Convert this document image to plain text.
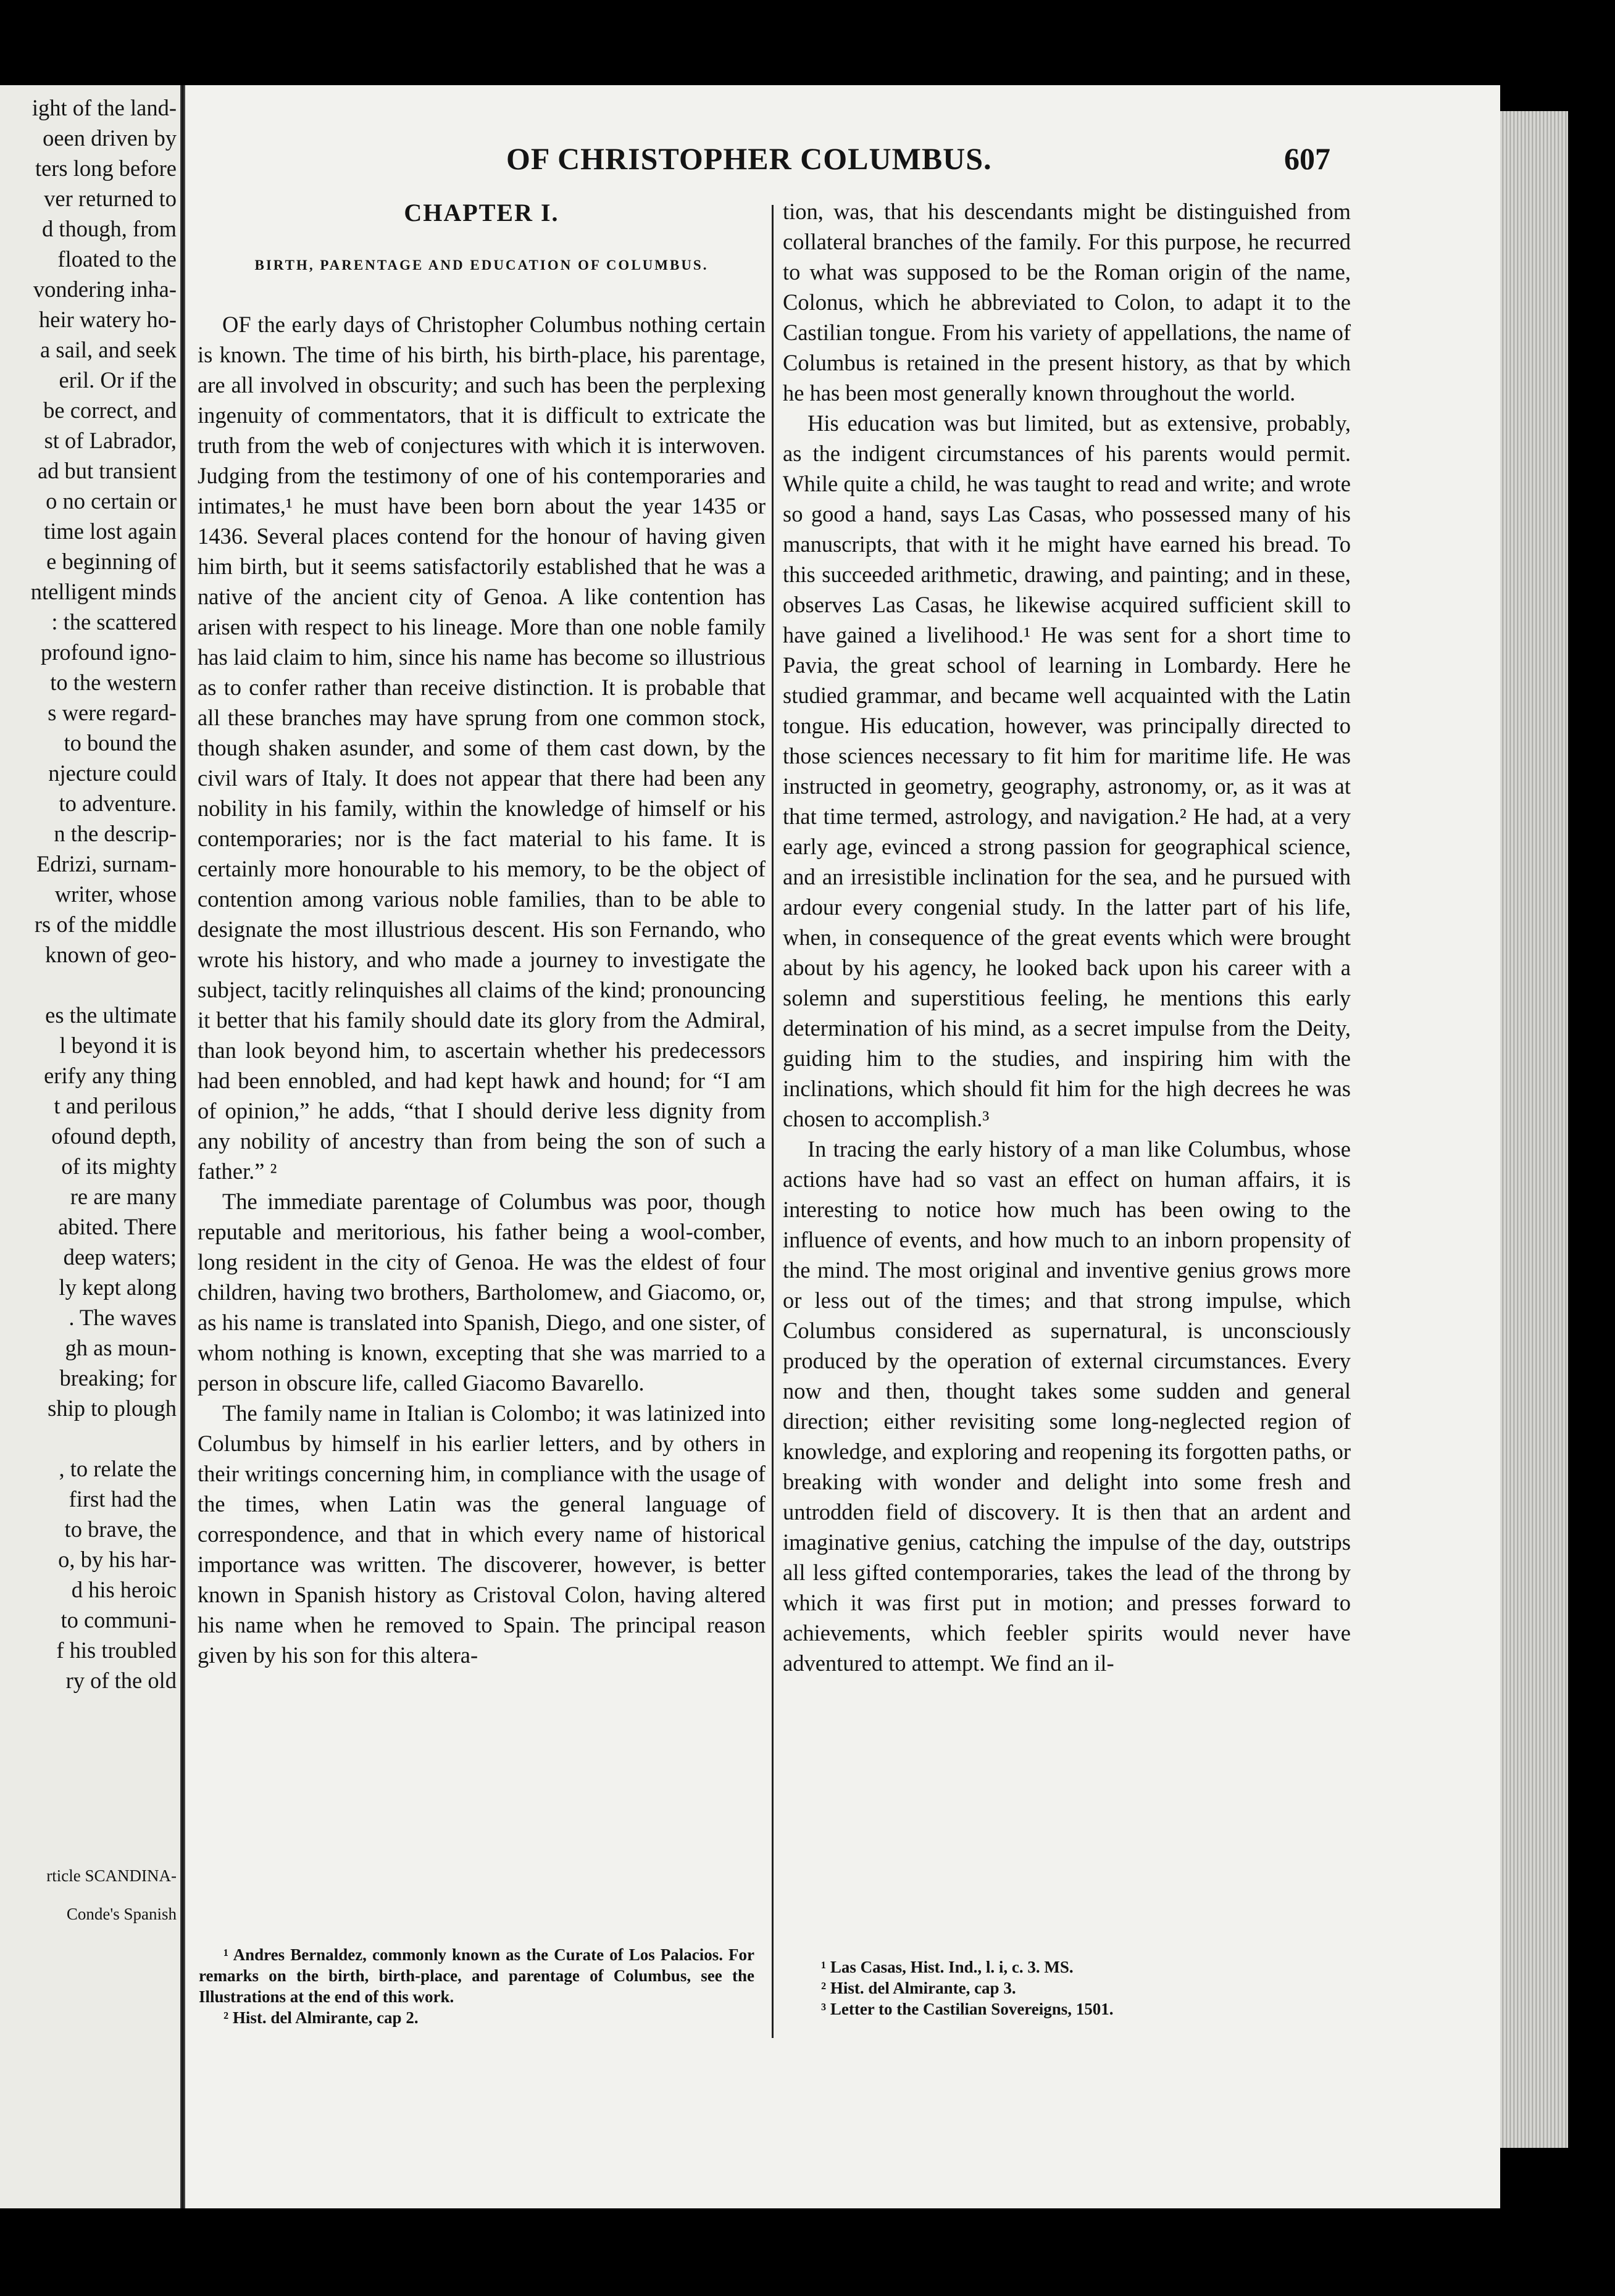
ight of the land-
oeen driven by
ters long before
ver returned to
d though, from
floated to the
vondering inha-
heir watery ho-
a sail, and seek
eril. Or if the
be correct, and
st of Labrador,
ad but transient
o no certain or
time lost again
e beginning of
ntelligent minds
: the scattered
profound igno-
to the western
s were regard-
to bound the
njecture could
to adventure.
n the descrip-
Edrizi, surnam-
writer, whose
rs of the middle
known of geo-
es the ultimate
l beyond it is
erify any thing
t and perilous
ofound depth,
of its mighty
re are many
abited. There
deep waters;
ly kept along
. The waves
gh as moun-
breaking; for
ship to plough
, to relate the
first had the
to brave, the
o, by his har-
d his heroic
to communi-
f his troubled
ry of the old
rticle SCANDINA-
Conde's Spanish
OF CHRISTOPHER COLUMBUS.	607
CHAPTER I.
BIRTH, PARENTAGE AND EDUCATION OF COLUMBUS.

OF the early days of Christopher Columbus nothing certain is known. The time of his birth, his birth-place, his parentage, are all involved in obscurity; and such has been the perplexing ingenuity of commentators, that it is difficult to extricate the truth from the web of conjectures with which it is interwoven. Judging from the testimony of one of his contemporaries and intimates,¹ he must have been born about the year 1435 or 1436. Several places contend for the honour of having given him birth, but it seems satisfactorily established that he was a native of the ancient city of Genoa. A like contention has arisen with respect to his lineage. More than one noble family has laid claim to him, since his name has become so illustrious as to confer rather than receive distinction. It is probable that all these branches may have sprung from one common stock, though shaken asunder, and some of them cast down, by the civil wars of Italy. It does not appear that there had been any nobility in his family, within the knowledge of himself or his contemporaries; nor is the fact material to his fame. It is certainly more honourable to his memory, to be the object of contention among various noble families, than to be able to designate the most illustrious descent. His son Fernando, who wrote his history, and who made a journey to investigate the subject, tacitly relinquishes all claims of the kind; pronouncing it better that his family should date its glory from the Admiral, than look beyond him, to ascertain whether his predecessors had been ennobled, and had kept hawk and hound; for “I am of opinion,” he adds, “that I should derive less dignity from any nobility of ancestry than from being the son of such a father.” ²

The immediate parentage of Columbus was poor, though reputable and meritorious, his father being a wool-comber, long resident in the city of Genoa. He was the eldest of four children, having two brothers, Bartholomew, and Giacomo, or, as his name is translated into Spanish, Diego, and one sister, of whom nothing is known, excepting that she was married to a person in obscure life, called Giacomo Bavarello.

The family name in Italian is Colombo; it was latinized into Columbus by himself in his earlier letters, and by others in their writings concerning him, in compliance with the usage of the times, when Latin was the general language of correspondence, and that in which every name of historical importance was written. The discoverer, however, is better known in Spanish history as Cristoval Colon, having altered his name when he removed to Spain. The principal reason given by his son for this altera-

tion, was, that his descendants might be distinguished from collateral branches of the family. For this purpose, he recurred to what was supposed to be the Roman origin of the name, Colonus, which he abbreviated to Colon, to adapt it to the Castilian tongue. From his variety of appellations, the name of Columbus is retained in the present history, as that by which he has been most generally known throughout the world.

His education was but limited, but as extensive, probably, as the indigent circumstances of his parents would permit. While quite a child, he was taught to read and write; and wrote so good a hand, says Las Casas, who possessed many of his manuscripts, that with it he might have earned his bread. To this succeeded arithmetic, drawing, and painting; and in these, observes Las Casas, he likewise acquired sufficient skill to have gained a livelihood.¹ He was sent for a short time to Pavia, the great school of learning in Lombardy. Here he studied grammar, and became well acquainted with the Latin tongue. His education, however, was principally directed to those sciences necessary to fit him for maritime life. He was instructed in geometry, geography, astronomy, or, as it was at that time termed, astrology, and navigation.² He had, at a very early age, evinced a strong passion for geographical science, and an irresistible inclination for the sea, and he pursued with ardour every congenial study. In the latter part of his life, when, in consequence of the great events which were brought about by his agency, he looked back upon his career with a solemn and superstitious feeling, he mentions this early determination of his mind, as a secret impulse from the Deity, guiding him to the studies, and inspiring him with the inclinations, which should fit him for the high decrees he was chosen to accomplish.³

In tracing the early history of a man like Columbus, whose actions have had so vast an effect on human affairs, it is interesting to notice how much has been owing to the influence of events, and how much to an inborn propensity of the mind. The most original and inventive genius grows more or less out of the times; and that strong impulse, which Columbus considered as supernatural, is unconsciously produced by the operation of external circumstances. Every now and then, thought takes some sudden and general direction; either revisiting some long-neglected region of knowledge, and exploring and reopening its forgotten paths, or breaking with wonder and delight into some fresh and untrodden field of discovery. It is then that an ardent and imaginative genius, catching the impulse of the day, outstrips all less gifted contemporaries, takes the lead of the throng by which it was first put in motion; and presses forward to achievements, which feebler spirits would never have adventured to attempt. We find an il-

¹ Andres Bernaldez, commonly known as the Curate of Los Palacios. For remarks on the birth, birth-place, and parentage of Columbus, see the Illustrations at the end of this work.

² Hist. del Almirante, cap 2.

¹ Las Casas, Hist. Ind., l. i, c. 3. MS.

² Hist. del Almirante, cap 3.

³ Letter to the Castilian Sovereigns, 1501.
